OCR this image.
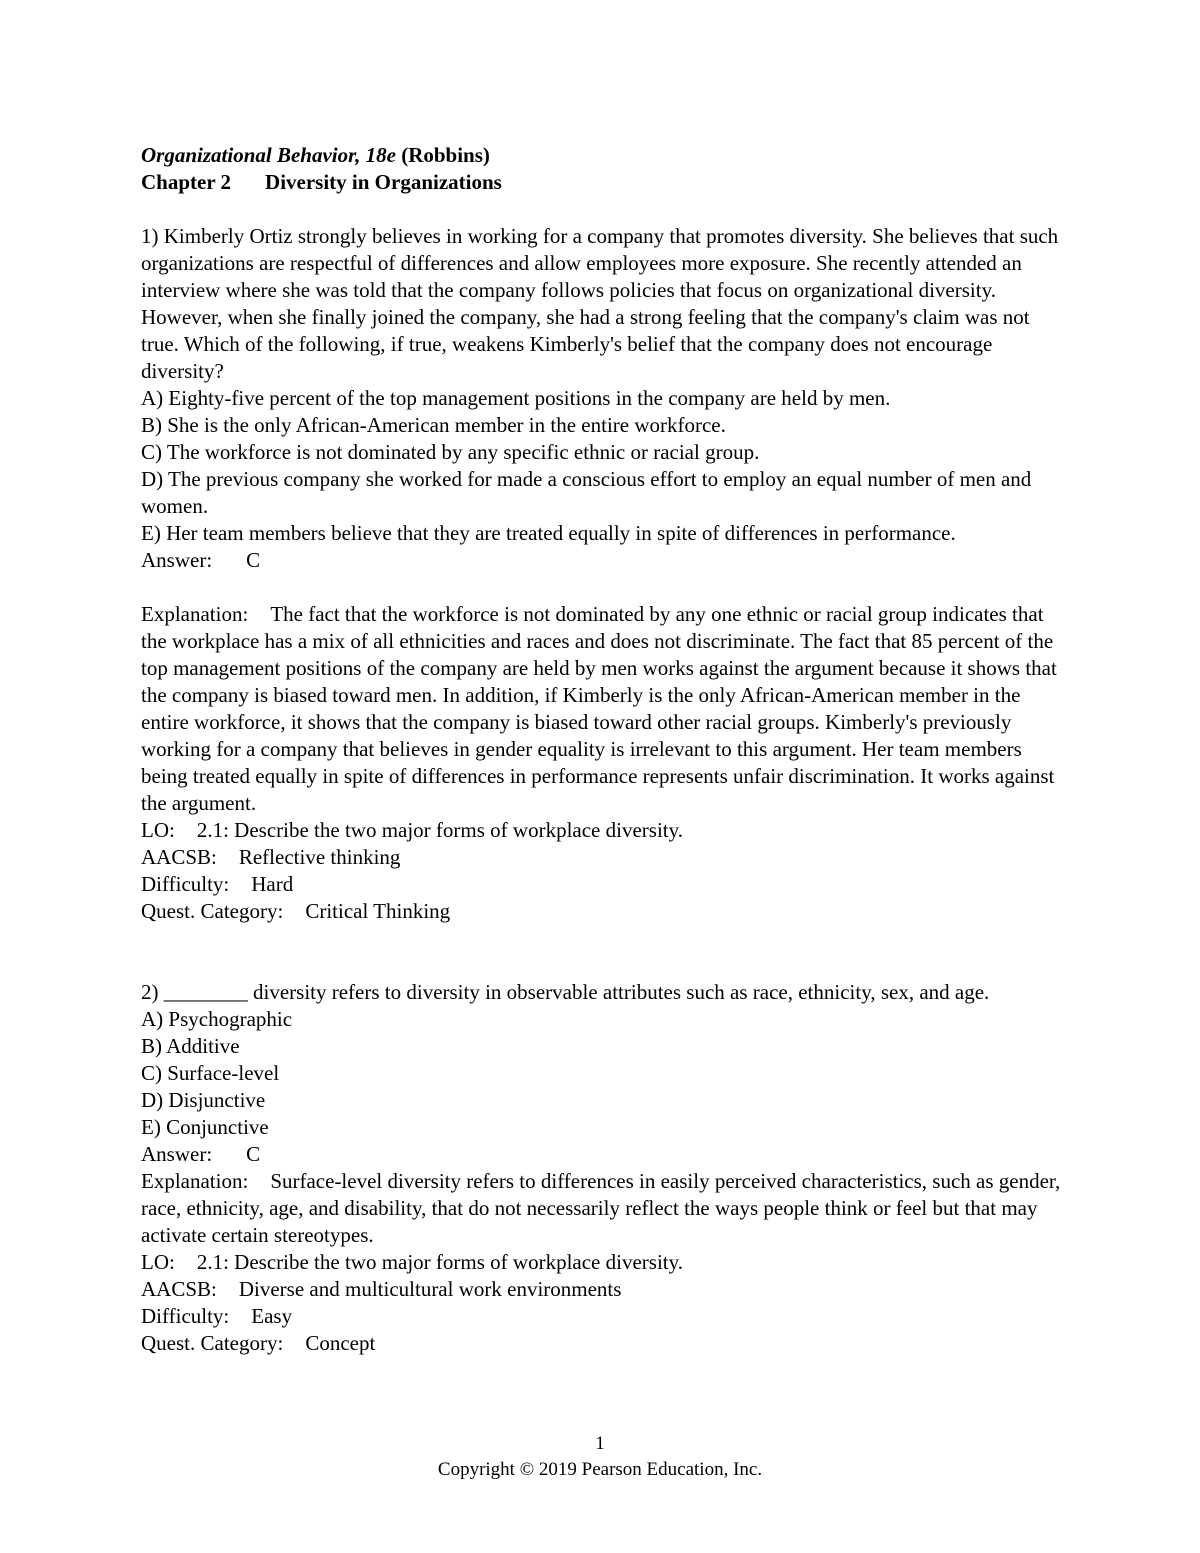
Organizational Behavior, 18e (Robbins)

Chapter 2 Diversity in Organizations

1) Kimberly Ortiz strongly believes in working for a company that promotes diversity. She believes that such organizations are respectful of differences and allow employees more exposure. She recently attended an interview where she was told that the company follows policies that focus on organizational diversity. However, when she finally joined the company, she had a strong feeling that the company's claim was not true. Which of the following, if true, weakens Kimberly's belief that the company does not encourage diversity?

A) Eighty-five percent of the top management positions in the company are held by men.

B) She is the only African-American member in the entire workforce.

C) The workforce is not dominated by any specific ethnic or racial group.

D) The previous company she worked for made a conscious effort to employ an equal number of men and women.

E) Her team members believe that they are treated equally in spite of differences in performance.

Answer: C

Explanation: The fact that the workforce is not dominated by any one ethnic or racial group indicates that the workplace has a mix of all ethnicities and races and does not discriminate. The fact that 85 percent of the top management positions of the company are held by men works against the argument because it shows that the company is biased toward men. In addition, if Kimberly is the only African-American member in the entire workforce, it shows that the company is biased toward other racial groups. Kimberly's previously working for a company that believes in gender equality is irrelevant to this argument. Her team members being treated equally in spite of differences in performance represents unfair discrimination. It works against the argument.

LO: 2.1: Describe the two major forms of workplace diversity.

AACSB: Reflective thinking

Difficulty: Hard

Quest. Category: Critical Thinking

2) ________ diversity refers to diversity in observable attributes such as race, ethnicity, sex, and age.

A) Psychographic

B) Additive

C) Surface-level

D) Disjunctive

E) Conjunctive

Answer: C

Explanation: Surface-level diversity refers to differences in easily perceived characteristics, such as gender, race, ethnicity, age, and disability, that do not necessarily reflect the ways people think or feel but that may activate certain stereotypes.

LO: 2.1: Describe the two major forms of workplace diversity.

AACSB: Diverse and multicultural work environments

Difficulty: Easy

Quest. Category: Concept

1
Copyright © 2019 Pearson Education, Inc.
